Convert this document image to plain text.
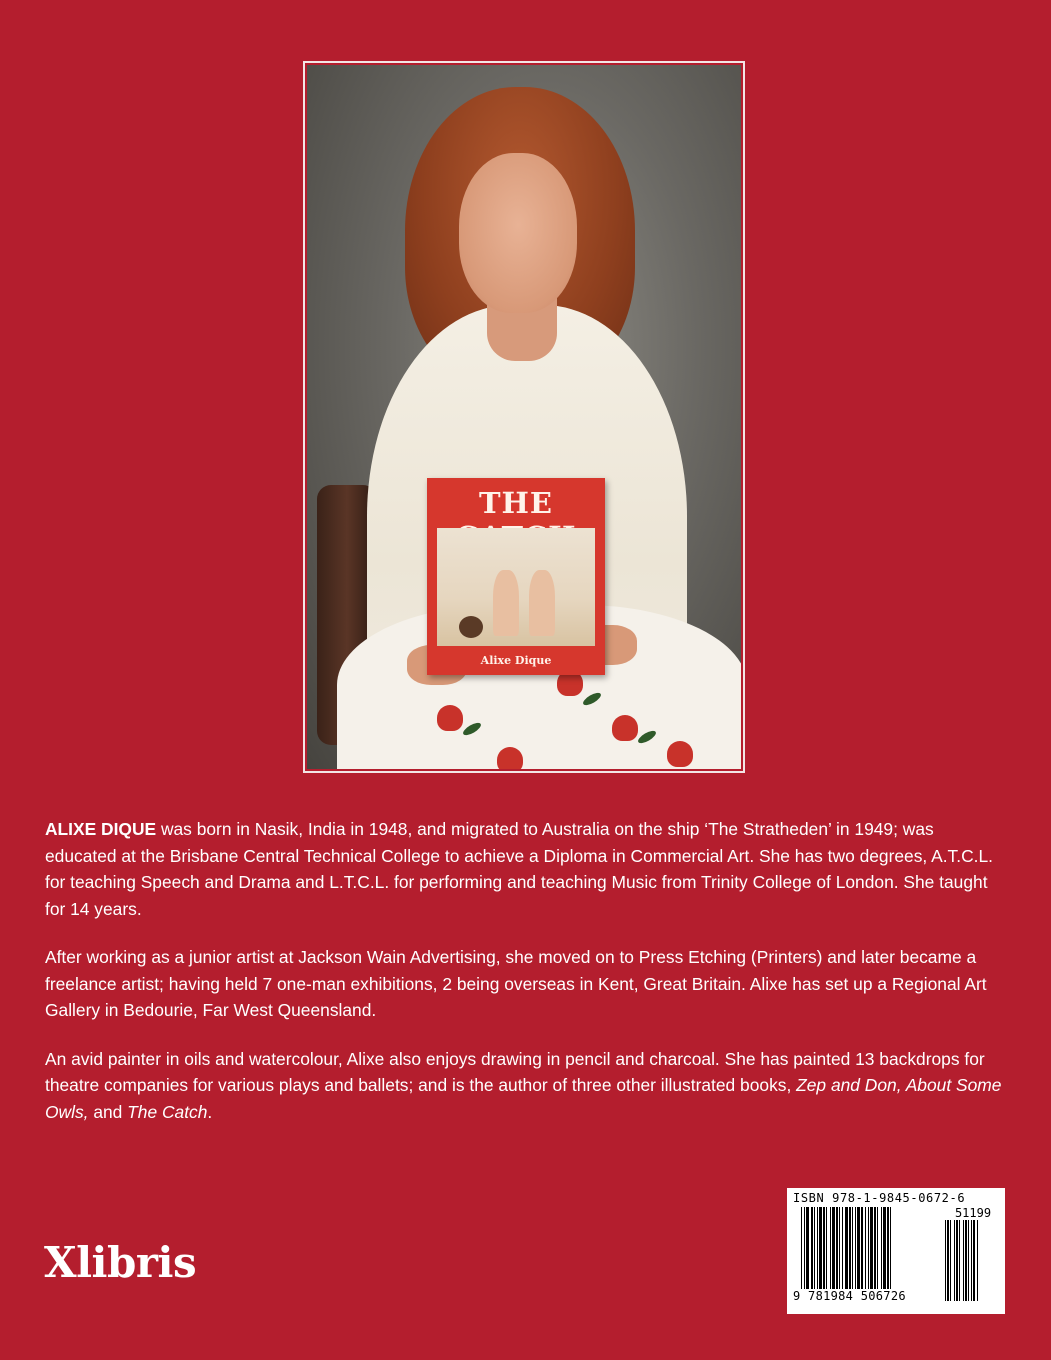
THE
Alixe Dique

ALIXE DIQUE was born in Nasik, India in 1948, and migrated to Australia on the ship ‘The Stratheden’ in 1949; was educated at the Brisbane Central Technical College to achieve a Diploma in Commercial Art. She has two degrees, A.T.C.L. for teaching Speech and Drama and L.T.C.L. for performing and teaching Music from Trinity College of London. She taught for 14 years.

After working as a junior artist at Jackson Wain Advertising, she moved on to Press Etching (Printers) and later became a freelance artist; having held 7 one-man exhibitions, 2 being overseas in Kent, Great Britain. Alixe has set up a Regional Art Gallery in Bedourie, Far West Queensland.

An avid painter in oils and watercolour, Alixe also enjoys drawing in pencil and charcoal. She has painted 13 backdrops for theatre companies for various plays and ballets; and is the author of three other illustrated books, Zep and Don, About Some Owls, and The Catch.

Xlibris
ISBN 978-1-9845-0672-6
9 781984 506726
51199
